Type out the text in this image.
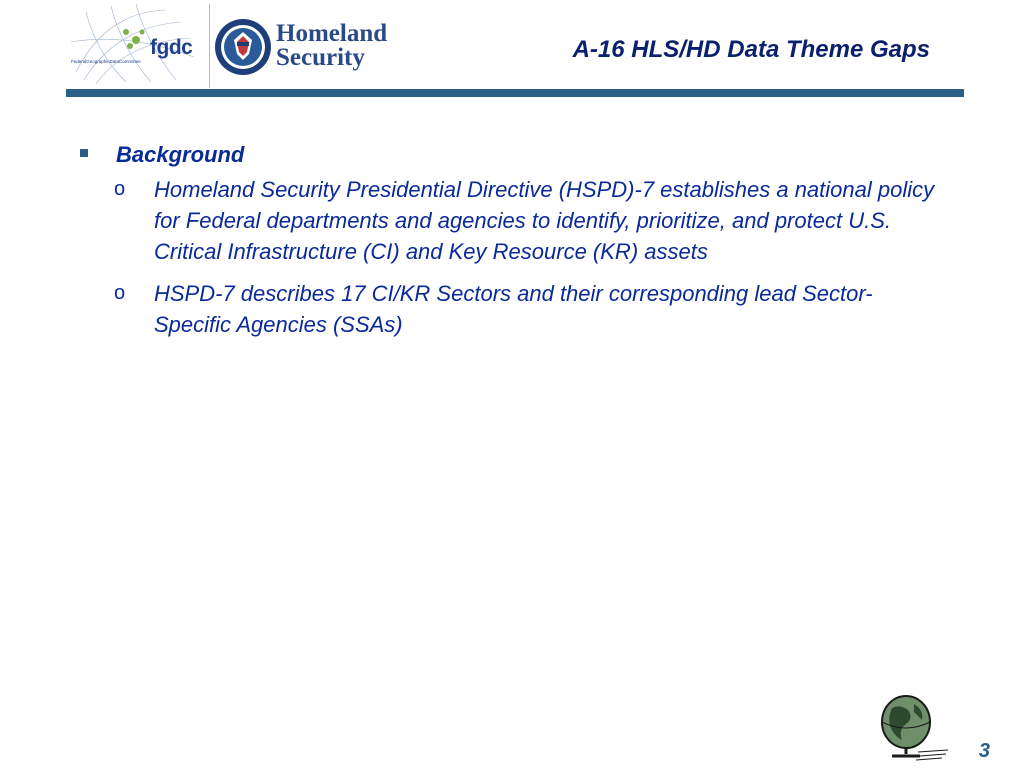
fgdc
FederalGeographicDataCommittee
Homeland
Security	A-16 HLS/HD Data Theme Gaps
Background
o Homeland Security Presidential Directive (HSPD)-7 establishes a national policy for Federal departments and agencies to identify, prioritize, and protect U.S. Critical Infrastructure (CI) and Key Resource (KR) assets
o HSPD-7 describes 17 CI/KR Sectors and their corresponding lead Sector-Specific Agencies (SSAs)
3
